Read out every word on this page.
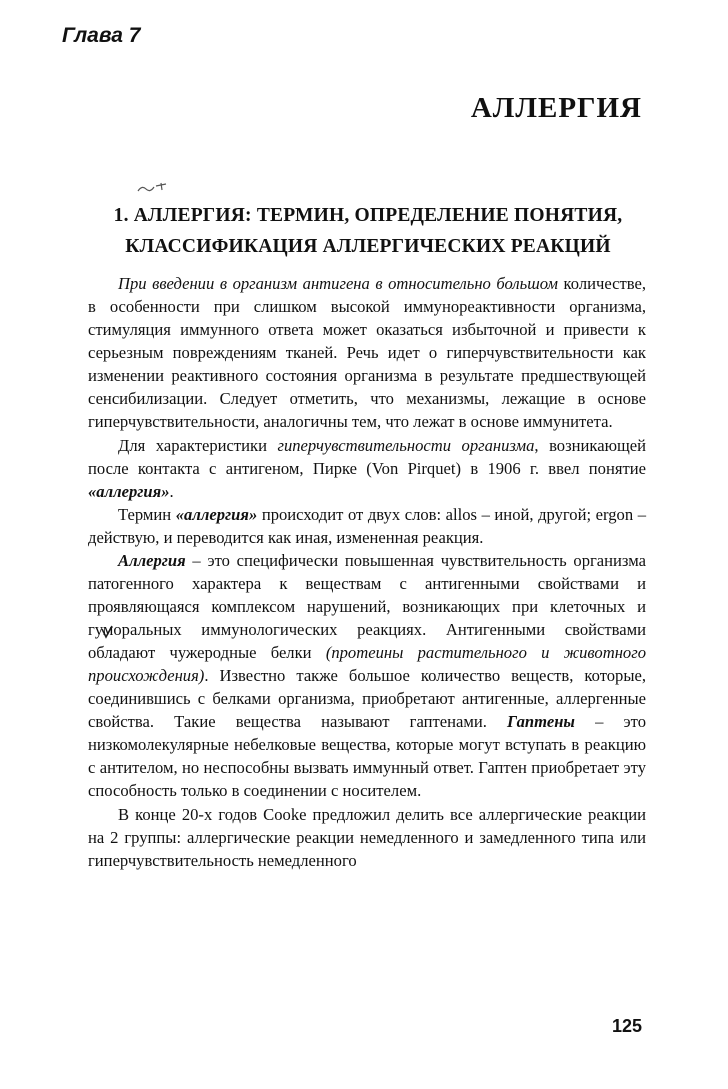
Глава 7
АЛЛЕРГИЯ
1. АЛЛЕРГИЯ: ТЕРМИН, ОПРЕДЕЛЕНИЕ ПОНЯТИЯ,
КЛАССИФИКАЦИЯ АЛЛЕРГИЧЕСКИХ РЕАКЦИЙ

При введении в организм антигена в относительно большом количестве, в особенности при слишком высокой иммунореактивности организма, стимуляция иммунного ответа может оказаться избыточной и привести к серьезным повреждениям тканей. Речь идет о гиперчувствительности как изменении реактивного состояния организма в результате предшествующей сенсибилизации. Следует отметить, что механизмы, лежащие в основе гиперчувствительности, аналогичны тем, что лежат в основе иммунитета.

Для характеристики гиперчувствительности организма, возникающей после контакта с антигеном, Пирке (Von Pirquet) в 1906 г. ввел понятие «аллергия».

Термин «аллергия» происходит от двух слов: allos – иной, другой; ergon – действую, и переводится как иная, измененная реакция.

Аллергия – это специфически повышенная чувствительность организма патогенного характера к веществам с антигенными свойствами и проявляющаяся комплексом нарушений, возникающих при клеточных и гуморальных иммунологических реакциях. Антигенными свойствами обладают чужеродные белки (протеины растительного и животного происхождения). Известно также большое количество веществ, которые, соединившись с белками организма, приобретают антигенные, аллергенные свойства. Такие вещества называют гаптенами. Гаптены – это низкомолекулярные небелковые вещества, которые могут вступать в реакцию с антителом, но неспособны вызвать иммунный ответ. Гаптен приобретает эту способность только в соединении с носителем.

В конце 20-х годов Cooke предложил делить все аллергические реакции на 2 группы: аллергические реакции немедленного и замедленного типа или гиперчувствительность немедленного

125
